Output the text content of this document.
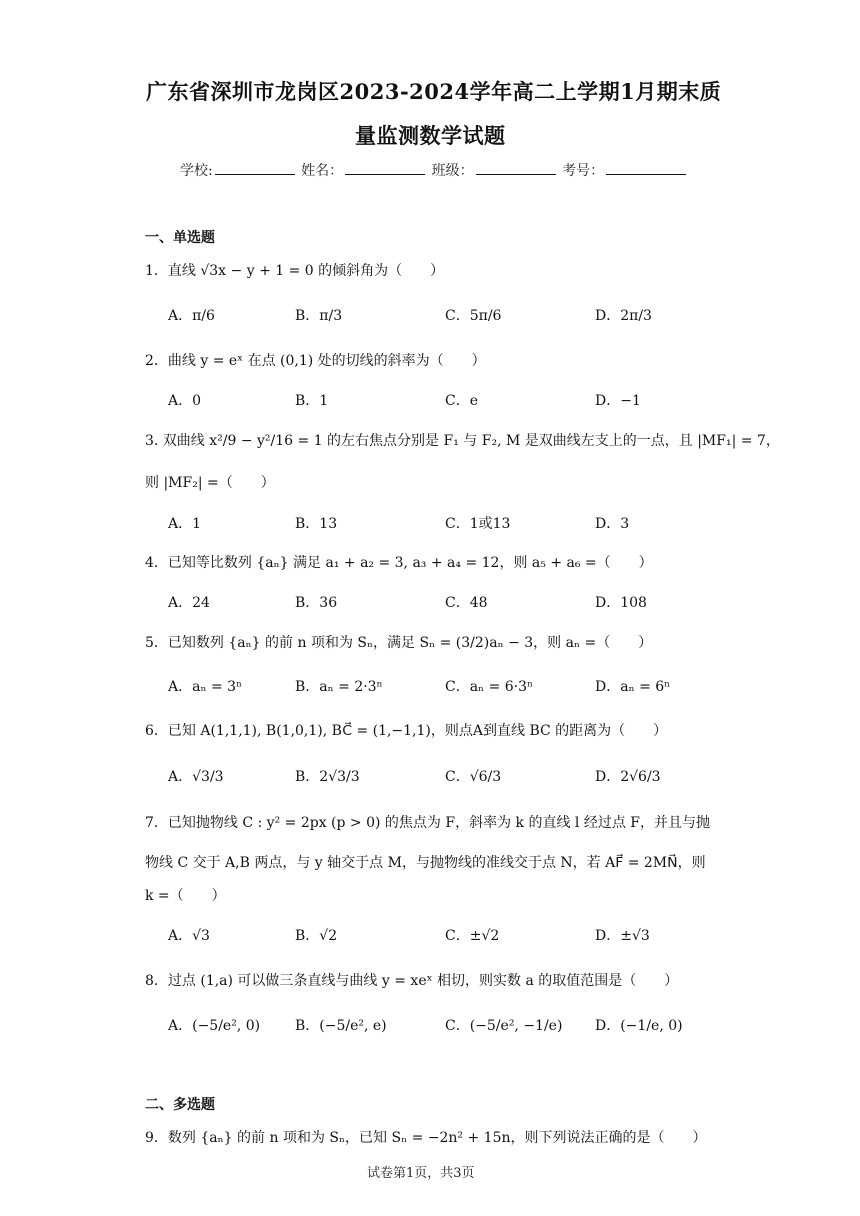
广东省深圳市龙岗区2023-2024学年高二上学期1月期末质
量监测数学试题
学校:	姓名：	班级：	考号：
一、单选题
1．直线 √3x − y + 1 = 0 的倾斜角为（　　）
A．π/6	B．π/3	C．5π/6	D．2π/3
2．曲线 y = eˣ 在点 (0,1) 处的切线的斜率为（　　）
A．0	B．1	C．e	D．−1
3. 双曲线 x²/9 − y²/16 = 1 的左右焦点分别是 F₁ 与 F₂, M 是双曲线左支上的一点，且 |MF₁| = 7，
则 |MF₂| =（　　）
A．1	B．13	C．1或13	D．3
4．已知等比数列 {aₙ} 满足 a₁ + a₂ = 3, a₃ + a₄ = 12，则 a₅ + a₆ =（　　）
A．24	B．36	C．48	D．108
5．已知数列 {aₙ} 的前 n 项和为 Sₙ，满足 Sₙ = (3/2)aₙ − 3，则 aₙ =（　　）
A．aₙ = 3ⁿ	B．aₙ = 2·3ⁿ	C．aₙ = 6·3ⁿ	D．aₙ = 6ⁿ
6．已知 A(1,1,1), B(1,0,1), BC⃗ = (1,−1,1)，则点A到直线 BC 的距离为（　　）
A．√3/3	B．2√3/3	C．√6/3	D．2√6/3
7．已知抛物线 C : y² = 2px (p > 0) 的焦点为 F，斜率为 k 的直线 l 经过点 F，并且与抛
物线 C 交于 A,B 两点，与 y 轴交于点 M，与抛物线的准线交于点 N，若 AF⃗ = 2MN⃗，则
k =（　　）
A．√3	B．√2	C．±√2	D．±√3
8．过点 (1,a) 可以做三条直线与曲线 y = xeˣ 相切，则实数 a 的取值范围是（　　）
A．(−5/e², 0) B．(−5/e², e)	C．(−5/e², −1/e) D．(−1/e, 0)
二、多选题
9．数列 {aₙ} 的前 n 项和为 Sₙ，已知 Sₙ = −2n² + 15n，则下列说法正确的是（　　）
试卷第1页，共3页
